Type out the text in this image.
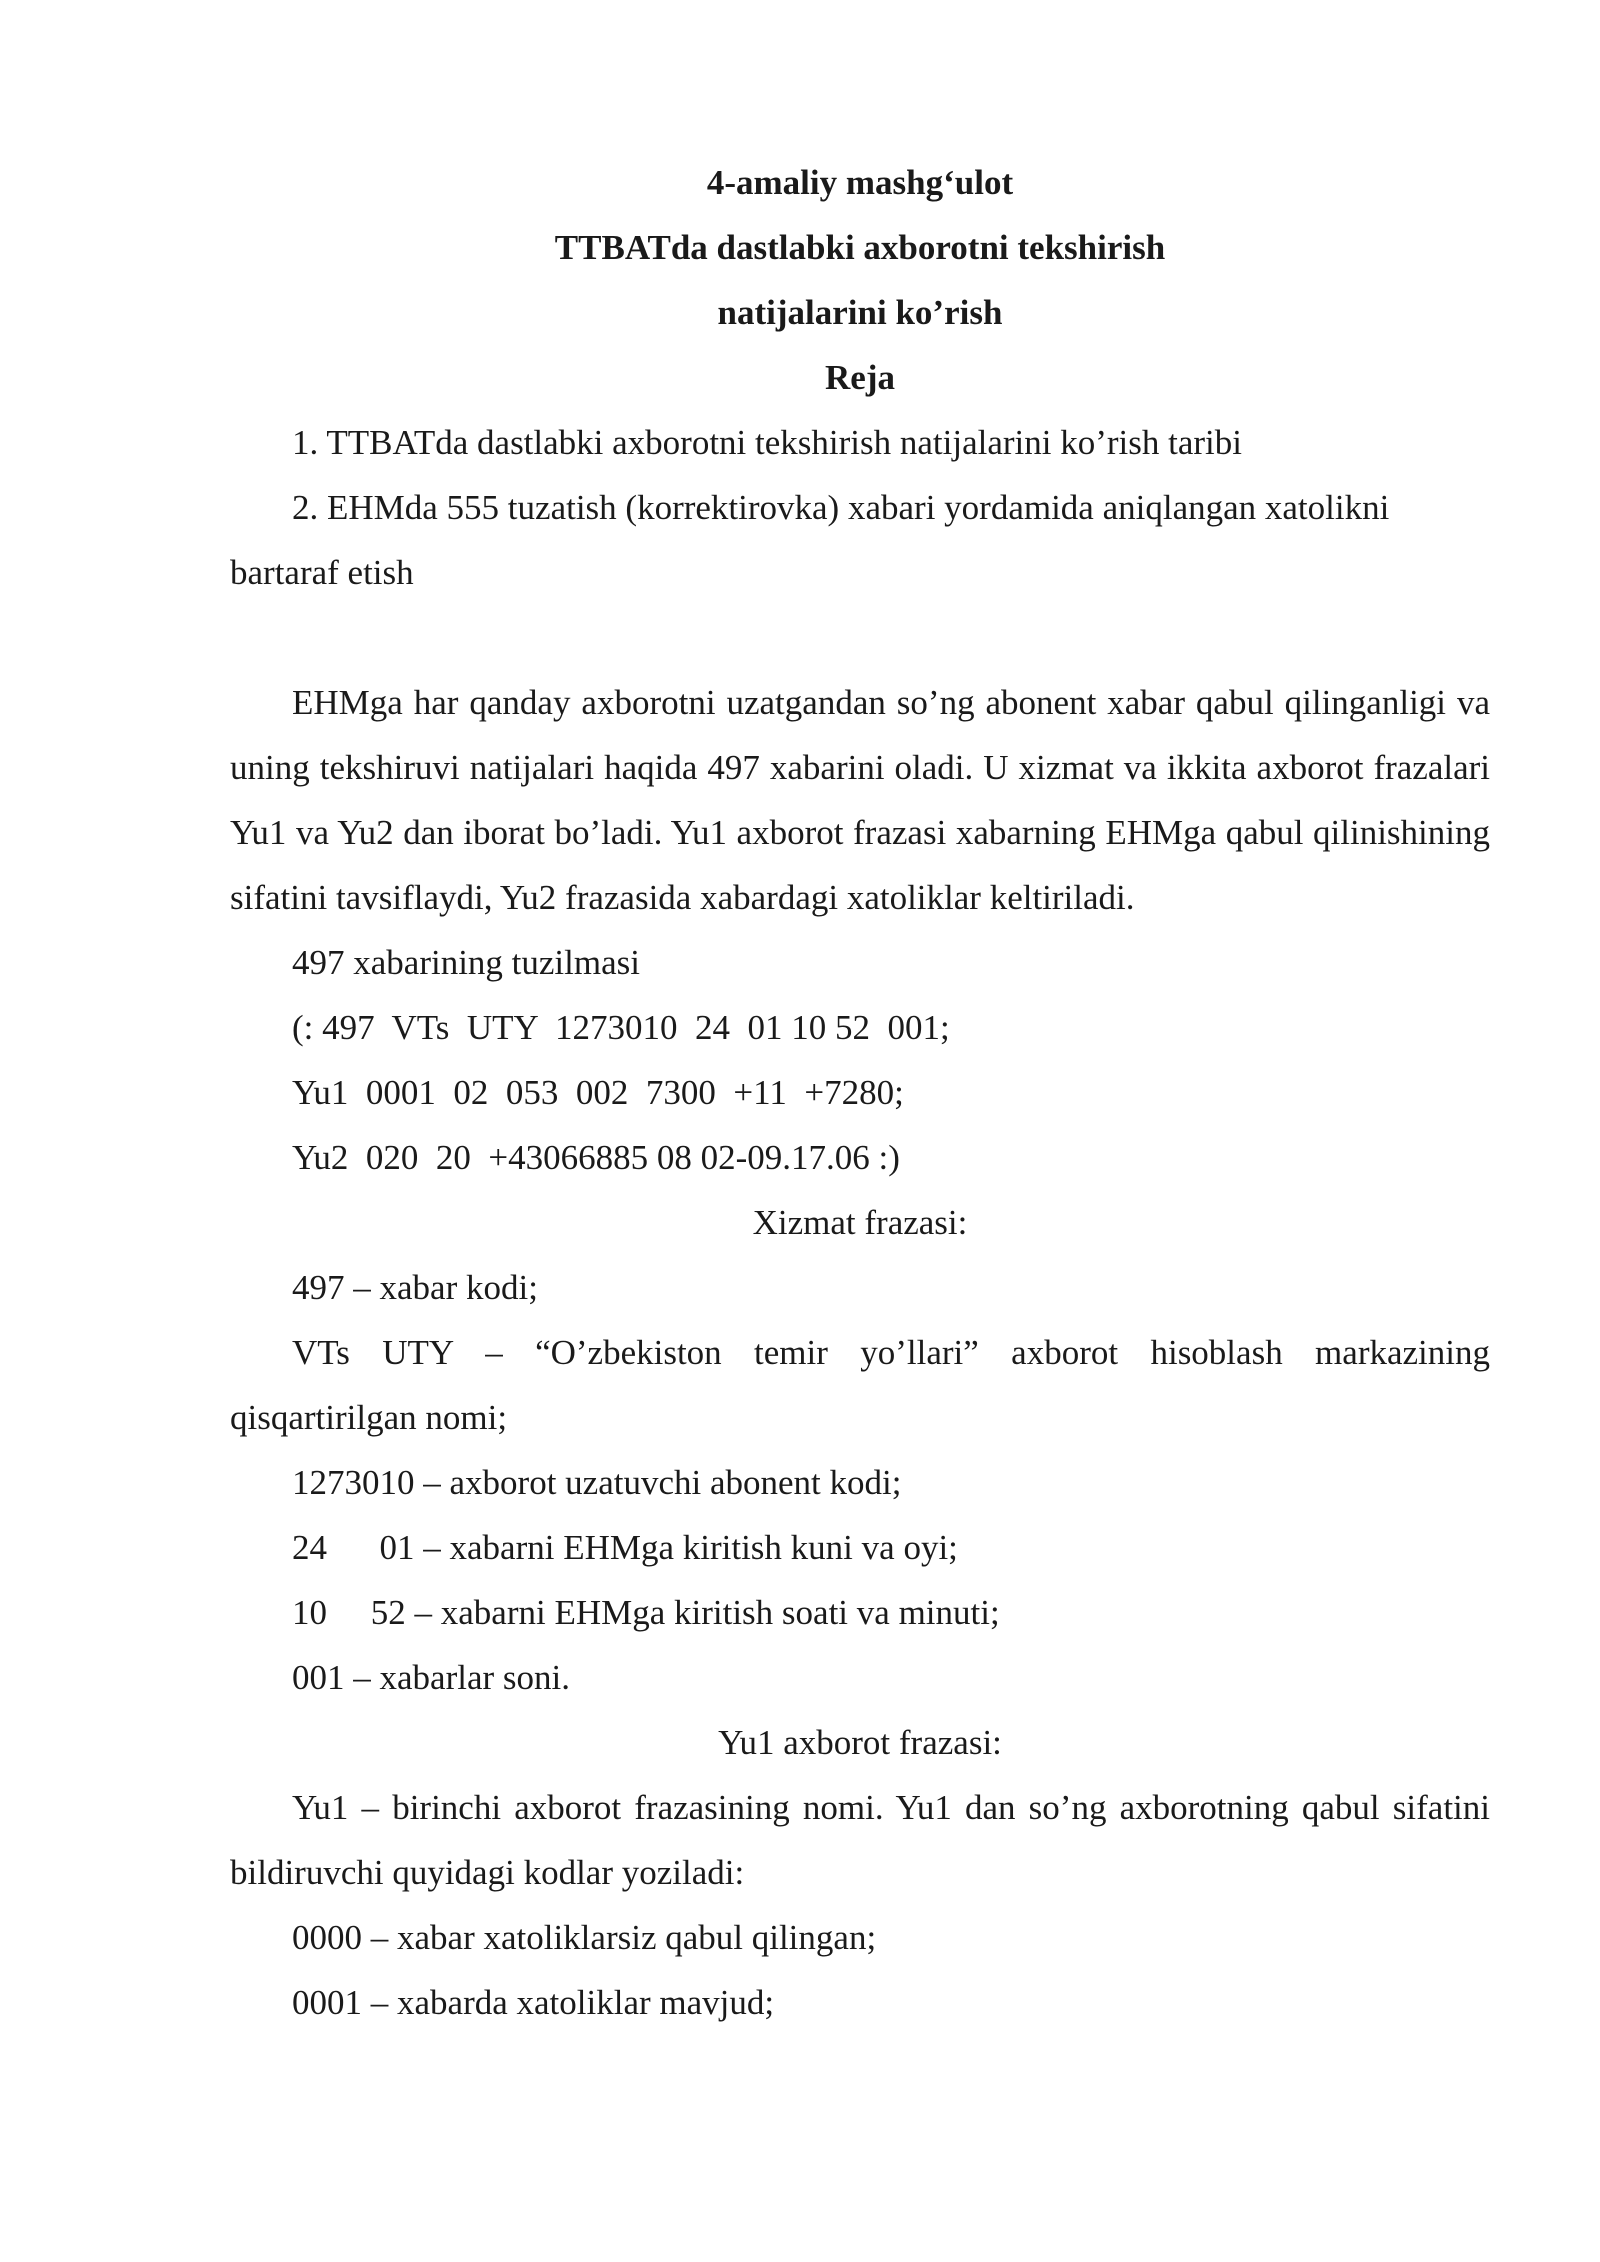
4-amaliy mashg‘ulot
TTBATda dastlabki axborotni tekshirish
natijalarini ko’rish
Reja

1. TTBATda dastlabki axborotni tekshirish natijalarini ko’rish taribi

2. EHMda 555 tuzatish (korrektirovka) xabari yordamida aniqlangan xatolikni bartaraf etish

EHMga har qanday axborotni uzatgandan so’ng abonent xabar qabul qilinganligi va uning tekshiruvi natijalari haqida 497 xabarini oladi. U xizmat va ikkita axborot frazalari Yu1 va Yu2 dan iborat bo’ladi. Yu1 axborot frazasi xabarning EHMga qabul qilinishining sifatini tavsiflaydi, Yu2 frazasida xabardagi xatoliklar keltiriladi.

497 xabarining tuzilmasi

(: 497  VTs  UTY  1273010  24  01 10 52  001;

Yu1  0001  02  053  002  7300  +11  +7280;

Yu2  020  20  +43066885 08 02-09.17.06 :)

Xizmat frazasi:

497 – xabar kodi;

VTs UTY – “O’zbekiston temir yo’llari” axborot hisoblash markazining qisqartirilgan nomi;

1273010 – axborot uzatuvchi abonent kodi;

24      01 – xabarni EHMga kiritish kuni va oyi;

10     52 – xabarni EHMga kiritish soati va minuti;

001 – xabarlar soni.

Yu1 axborot frazasi:

Yu1 – birinchi axborot frazasining nomi. Yu1 dan so’ng axborotning qabul sifatini bildiruvchi quyidagi kodlar yoziladi:

0000 – xabar xatoliklarsiz qabul qilingan;

0001 – xabarda xatoliklar mavjud;
